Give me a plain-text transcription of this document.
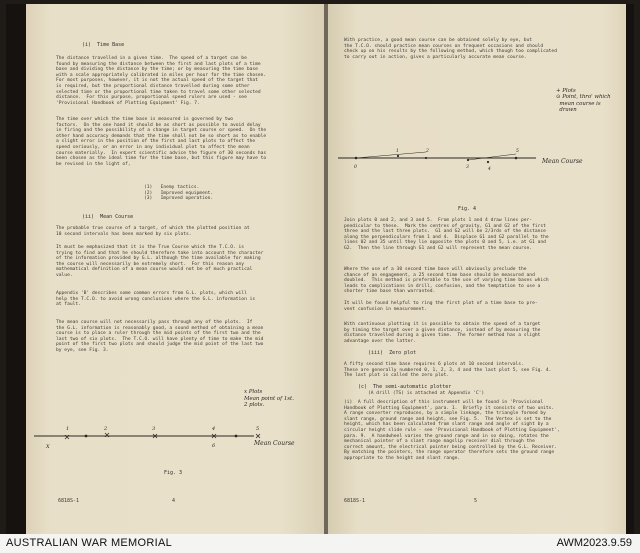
(i)  Time Base
The distance travelled in a given time.  The speed of a target can be
found by measuring the distance between the first and last plots of a time
base and dividing the distance by the time; or by measuring the time base
with a scale appropriately calibrated in miles per hour for the time chosen.
For most purposes, however, it is not the actual speed of the target that
is required, but the proportional distance travelled during some other
selected time or the proportional time taken to travel some other selected
distance.  For this purpose, proportional speed rulers are used - see
'Provisional Handbook of Plotting Equipment' Fig. 7.
The time over which the time base is measured is governed by two
factors.  On the one hand it should be as short as possible to avoid delay
in firing and the possibility of a change in target course or speed.  On the
other hand accuracy demands that the time shall not be so short as to enable
a slight error in the position of the first and last plots to affect the
speed seriously, or an error in any individual plot to affect the mean
course materially.  In expert scientific advice the figure of 30 seconds has
been chosen as the ideal time for the time base, but this figure may have to
be revised in the light of,
(1)   Enemy tactics.
(2)   Improved equipment.
(3)   Improved operation.
(ii)  Mean Course
The probable true course of a target, of which the plotted position at
10 second intervals has been marked by six plots.
It must be emphasized that it is the True Course which the T.C.O. is
trying to find and that he should therefore take into account the character
of the information provided by G.L. although the time available for making
the course will necessarily be extremely short.  For this reason any
mathematical definition of a mean course would not be of much practical
value.
Appendix 'B' describes some common errors from G.L. plots, which will
help the T.C.O. to avoid wrong conclusions where the G.L. information is
at fault.
The mean course will not necessarily pass through any of the plots.  If
the G.L. information is reasonably good, a sound method of obtaining a mean
course is to place a ruler through the mid points of the first two and the
last two of six plots.  The T.C.O. will have plenty of time to make the mid
point of the first two plots and should judge the mid point of the last two
by eye, see Fig. 3.
x Plots
Mean point of 1st.
2 plots.
1	2	3	4	5
X	6	Mean Course
Fig. 3
6818S-1	4
With practice, a good mean course can be obtained solely by eye, but
the T.C.O. should practice mean courses on frequent occasions and should
check up on his results by the following method, which though too complicated
to carry out in action, gives a particularly accurate mean course.
+ Plots
⊙ Point, thro' which
mean course is
drawn
0
1	2
3	4
5
Mean Course
Fig. 4
Join plots 0 and 2, and 3 and 5.  From plots 1 and 4 draw lines per-
pendicular to these.  Mark the centres of gravity, G1 and G2 of the first
three and the last three plots.  G1 and G2 will be 2/3rds of the distance
along the perpendiculars from 1 and 4.  Displace G1 and G2 parallel to the
lines 02 and 35 until they lie opposite the plots 0 and 5, i.e. at G1 and
G2.  Then the line through G1 and G2 will represent the mean course.
Where the use of a 30 second time base will obviously preclude the
chance of an engagement, a 25 second time base should be measured and
doubled.  This method is preferable to the use of varying time bases which
leads to complications in drill, confusion, and the temptation to use a
shorter time base than warranted.
It will be found helpful to ring the first plot of a time base to pre-
vent confusion in measurement.
With continuous plotting it is possible to obtain the speed of a target
by timing the target over a given distance, instead of by measuring the
distance travelled during a given time.  The former method has a slight
advantage over the latter.
(iii)  Zero plot
A fifty second time base requires 6 plots at 10 second intervals.
These are generally numbered 0, 1, 2, 3, 4 and the last plot 5, see Fig. 4.
The last plot is called the zero plot.
(c)  The semi-automatic plotter
(A drill (TS) is attached at Appendix 'C')
(i)  A full description of this instrument will be found in 'Provisional
Handbook of Plotting Equipment', para. 1.  Briefly it consists of two units.
A range converter reproduces, by a simple linkage, the triangle formed by
slant range, ground range and height, see Fig. 5.  The Vertex is set to the
height, which has been calculated from slant range and angle of sight by a
circular height slide rule - see 'Provisional Handbook of Plotting Equipment',
para. 9.  A handwheel varies the ground range and in so doing, rotates the
mechanical pointer of a slant range magslip receiver dial through the
correct amount, the electrical pointer being controlled by the G.L. Receiver.
By matching the pointers, the range operator therefore sets the ground range
appropriate to the height and slant range.
6818S-1	5
AUSTRALIAN WAR MEMORIAL	AWM2023.9.59
